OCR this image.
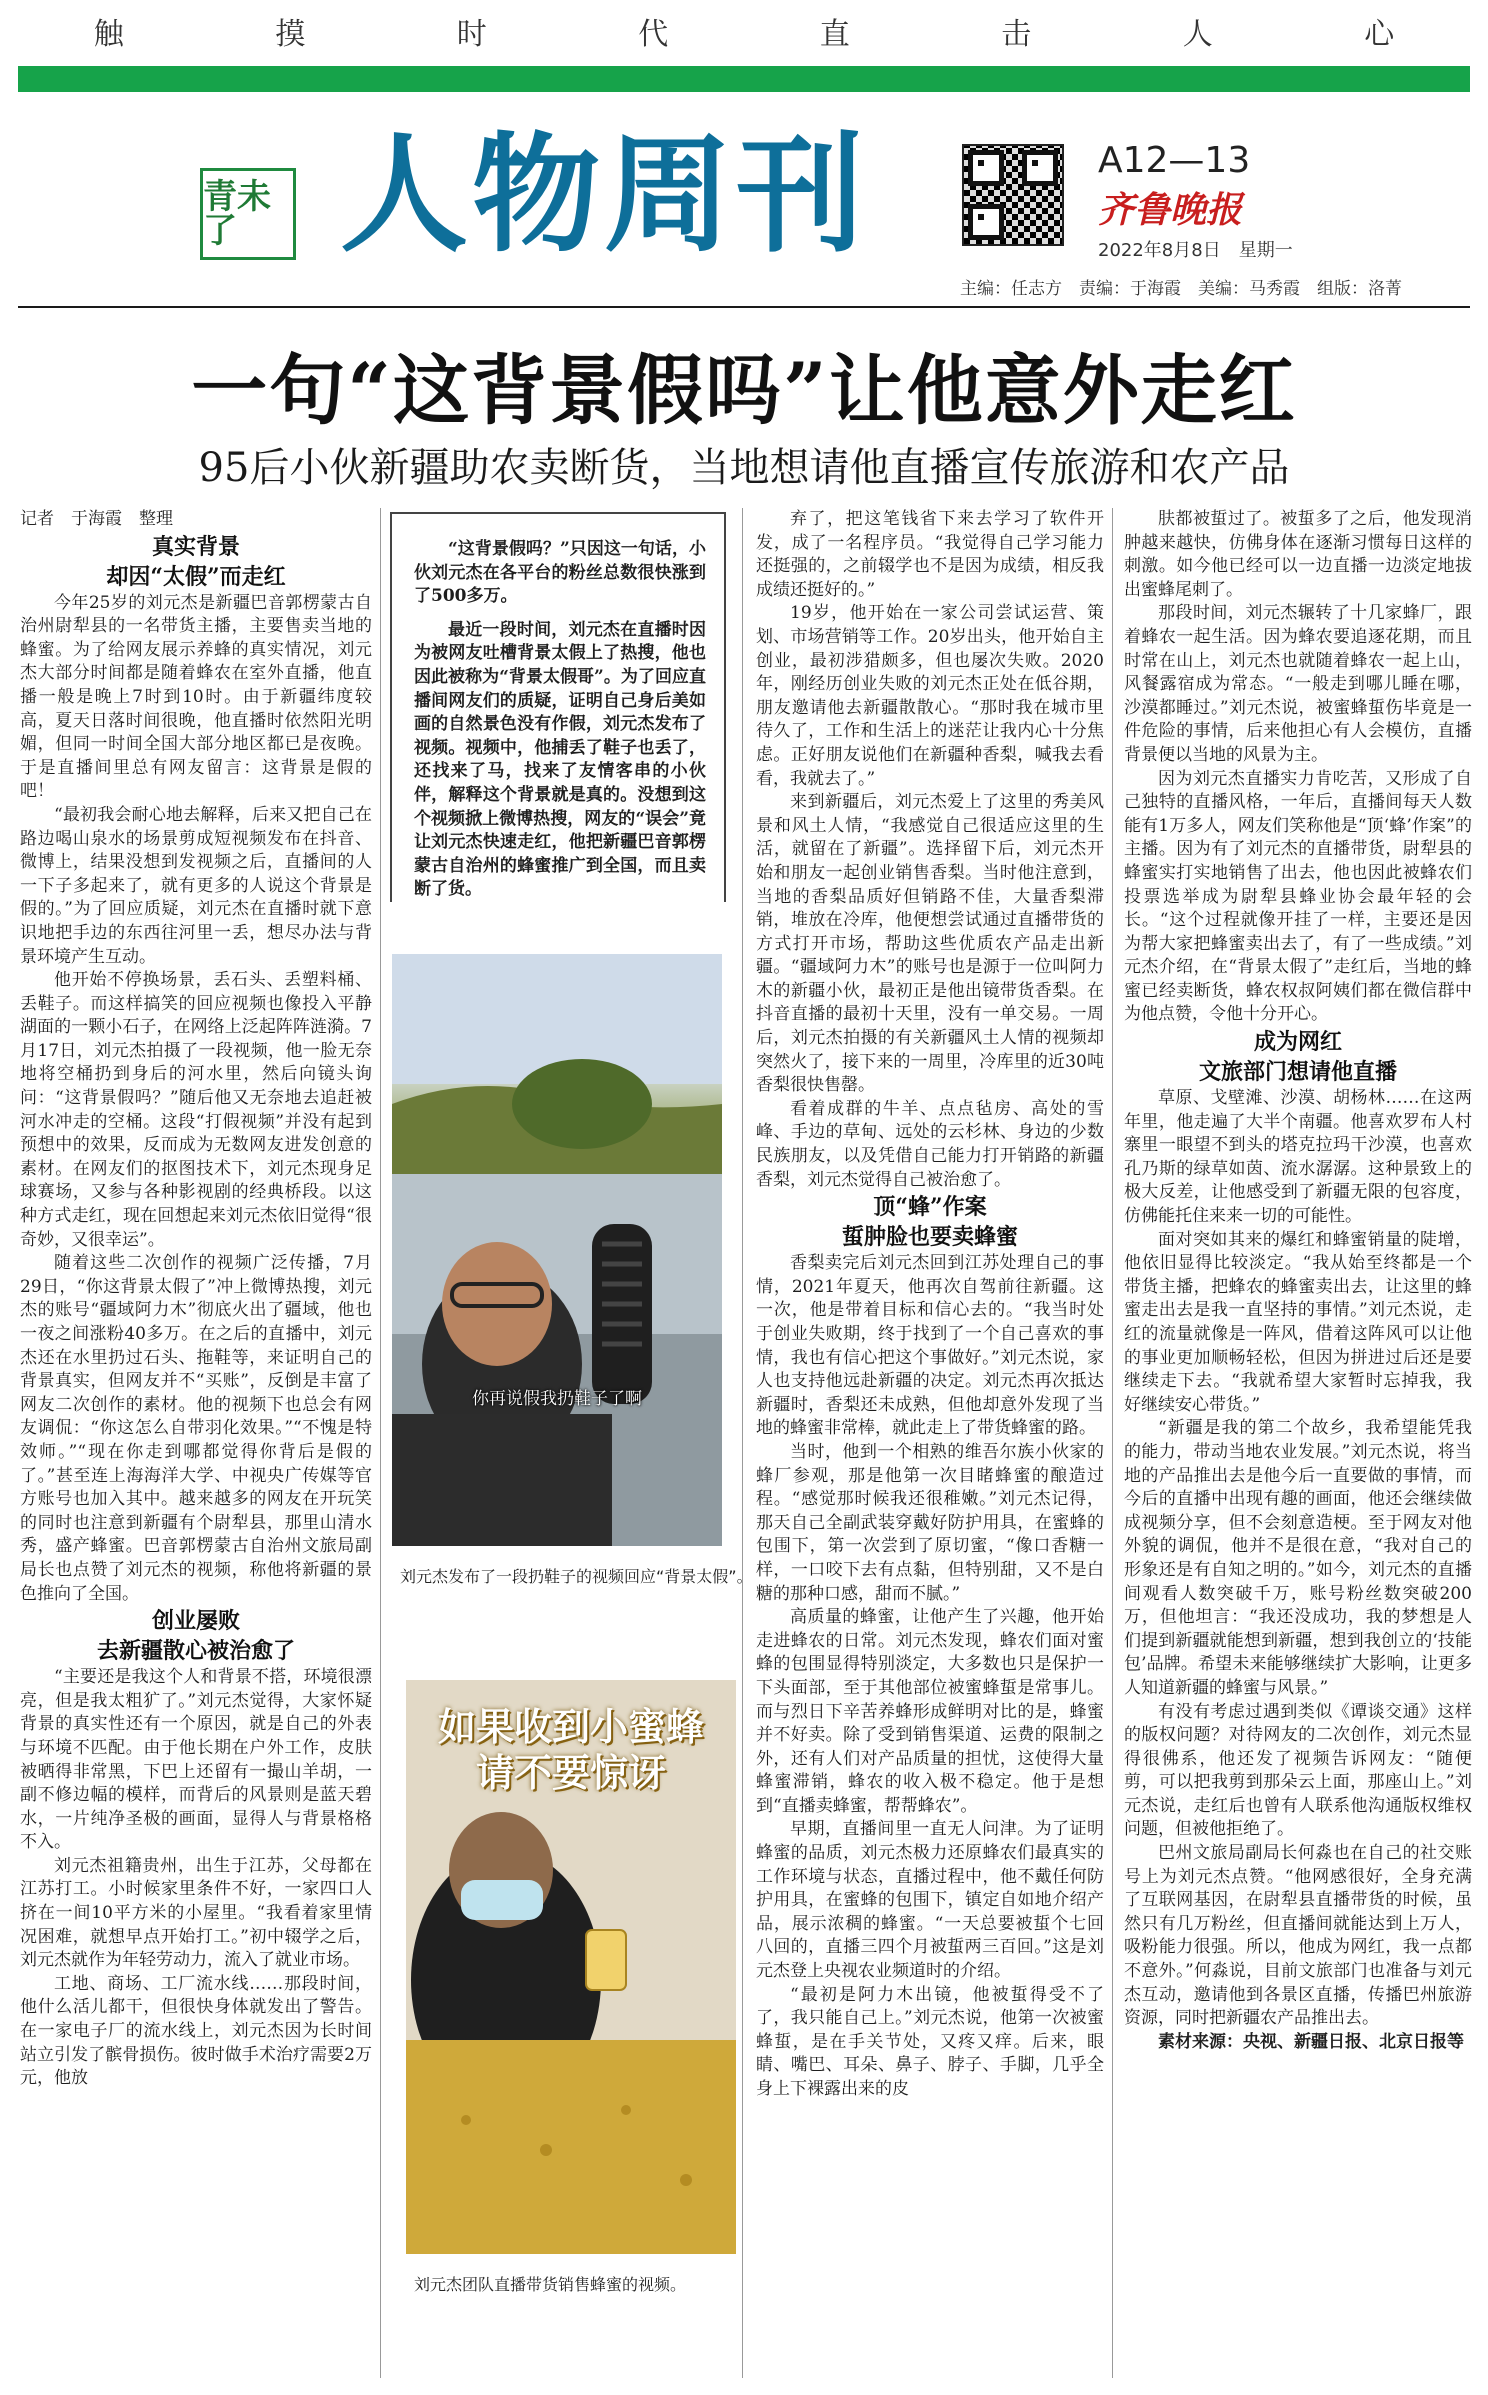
触	摸	时	代	直	击	人	心
青未了 人物周刊	A12—13
齐鲁晚报
2022年8月8日　星期一
主编：任志方　责编：于海霞　美编：马秀霞　组版：洛菁
一句“这背景假吗”让他意外走红
95后小伙新疆助农卖断货，当地想请他直播宣传旅游和农产品

记者　于海霞　整理

真实背景
却因“太假”而走红

今年25岁的刘元杰是新疆巴音郭楞蒙古自治州尉犁县的一名带货主播，主要售卖当地的蜂蜜。为了给网友展示养蜂的真实情况，刘元杰大部分时间都是随着蜂农在室外直播，他直播一般是晚上7时到10时。由于新疆纬度较高，夏天日落时间很晚，他直播时依然阳光明媚，但同一时间全国大部分地区都已是夜晚。于是直播间里总有网友留言：这背景是假的吧！

“最初我会耐心地去解释，后来又把自己在路边喝山泉水的场景剪成短视频发布在抖音、微博上，结果没想到发视频之后，直播间的人一下子多起来了，就有更多的人说这个背景是假的。”为了回应质疑，刘元杰在直播时就下意识地把手边的东西往河里一丢，想尽办法与背景环境产生互动。

他开始不停换场景，丢石头、丢塑料桶、丢鞋子。而这样搞笑的回应视频也像投入平静湖面的一颗小石子，在网络上泛起阵阵涟漪。7月17日，刘元杰拍摄了一段视频，他一脸无奈地将空桶扔到身后的河水里，然后向镜头询问：“这背景假吗？”随后他又无奈地去追赶被河水冲走的空桶。这段“打假视频”并没有起到预想中的效果，反而成为无数网友进发创意的素材。在网友们的抠图技术下，刘元杰现身足球赛场，又参与各种影视剧的经典桥段。以这种方式走红，现在回想起来刘元杰依旧觉得“很奇妙，又很幸运”。

随着这些二次创作的视频广泛传播，7月29日，“你这背景太假了”冲上微博热搜，刘元杰的账号“疆域阿力木”彻底火出了疆域，他也一夜之间涨粉40多万。在之后的直播中，刘元杰还在水里扔过石头、拖鞋等，来证明自己的背景真实，但网友并不“买账”，反倒是丰富了网友二次创作的素材。他的视频下也总会有网友调侃：“你这怎么自带羽化效果。”“不愧是特效师。”“现在你走到哪都觉得你背后是假的了。”甚至连上海海洋大学、中视央广传媒等官方账号也加入其中。越来越多的网友在开玩笑的同时也注意到新疆有个尉犁县，那里山清水秀，盛产蜂蜜。巴音郭楞蒙古自治州文旅局副局长也点赞了刘元杰的视频，称他将新疆的景色推向了全国。

创业屡败
去新疆散心被治愈了

“主要还是我这个人和背景不搭，环境很漂亮，但是我太粗犷了。”刘元杰觉得，大家怀疑背景的真实性还有一个原因，就是自己的外表与环境不匹配。由于他长期在户外工作，皮肤被晒得非常黑，下巴上还留有一撮山羊胡，一副不修边幅的模样，而背后的风景则是蓝天碧水，一片纯净圣极的画面，显得人与背景格格不入。

刘元杰祖籍贵州，出生于江苏，父母都在江苏打工。小时候家里条件不好，一家四口人挤在一间10平方米的小屋里。“我看着家里情况困难，就想早点开始打工。”初中辍学之后，刘元杰就作为年轻劳动力，流入了就业市场。

工地、商场、工厂流水线……那段时间，他什么活儿都干，但很快身体就发出了警告。在一家电子厂的流水线上，刘元杰因为长时间站立引发了髌骨损伤。彼时做手术治疗需要2万元，他放

“这背景假吗？”只因这一句话，小伙刘元杰在各平台的粉丝总数很快涨到了500多万。

最近一段时间，刘元杰在直播时因为被网友吐槽背景太假上了热搜，他也因此被称为“背景太假哥”。为了回应直播间网友们的质疑，证明自己身后美如画的自然景色没有作假，刘元杰发布了视频。视频中，他捕丢了鞋子也丢了，还找来了马，找来了友情客串的小伙伴，解释这个背景就是真的。没想到这个视频掀上微博热搜，网友的“误会”竟让刘元杰快速走红，他把新疆巴音郭楞蒙古自治州的蜂蜜推广到全国，而且卖断了货。

你再说假我扔鞋子了啊
刘元杰发布了一段扔鞋子的视频回应“背景太假”。
如果收到小蜜蜂
请不要惊讶
刘元杰团队直播带货销售蜂蜜的视频。

弃了，把这笔钱省下来去学习了软件开发，成了一名程序员。“我觉得自己学习能力还挺强的，之前辍学也不是因为成绩，相反我成绩还挺好的。”

19岁，他开始在一家公司尝试运营、策划、市场营销等工作。20岁出头，他开始自主创业，最初涉猎颇多，但也屡次失败。2020年，刚经历创业失败的刘元杰正处在低谷期，朋友邀请他去新疆散散心。“那时我在城市里待久了，工作和生活上的迷茫让我内心十分焦虑。正好朋友说他们在新疆种香梨，喊我去看看，我就去了。”

来到新疆后，刘元杰爱上了这里的秀美风景和风土人情，“我感觉自己很适应这里的生活，就留在了新疆”。选择留下后，刘元杰开始和朋友一起创业销售香梨。当时他注意到，当地的香梨品质好但销路不佳，大量香梨滞销，堆放在冷库，他便想尝试通过直播带货的方式打开市场，帮助这些优质农产品走出新疆。“疆域阿力木”的账号也是源于一位叫阿力木的新疆小伙，最初正是他出镜带货香梨。在抖音直播的最初十天里，没有一单交易。一周后，刘元杰拍摄的有关新疆风土人情的视频却突然火了，接下来的一周里，冷库里的近30吨香梨很快售罄。

看着成群的牛羊、点点毡房、高处的雪峰、手边的草甸、远处的云杉林、身边的少数民族朋友，以及凭借自己能力打开销路的新疆香梨，刘元杰觉得自己被治愈了。

顶“蜂”作案
蜇肿脸也要卖蜂蜜

香梨卖完后刘元杰回到江苏处理自己的事情，2021年夏天，他再次自驾前往新疆。这一次，他是带着目标和信心去的。“我当时处于创业失败期，终于找到了一个自己喜欢的事情，我也有信心把这个事做好。”刘元杰说，家人也支持他远赴新疆的决定。刘元杰再次抵达新疆时，香梨还未成熟，但他却意外发现了当地的蜂蜜非常棒，就此走上了带货蜂蜜的路。

当时，他到一个相熟的维吾尔族小伙家的蜂厂参观，那是他第一次目睹蜂蜜的酿造过程。“感觉那时候我还很稚嫩。”刘元杰记得，那天自己全副武装穿戴好防护用具，在蜜蜂的包围下，第一次尝到了原切蜜，“像口香糖一样，一口咬下去有点黏，但特别甜，又不是白糖的那种口感，甜而不腻。”

高质量的蜂蜜，让他产生了兴趣，他开始走进蜂农的日常。刘元杰发现，蜂农们面对蜜蜂的包围显得特别淡定，大多数也只是保护一下头面部，至于其他部位被蜜蜂蜇是常事儿。而与烈日下辛苦养蜂形成鲜明对比的是，蜂蜜并不好卖。除了受到销售渠道、运费的限制之外，还有人们对产品质量的担忧，这使得大量蜂蜜滞销，蜂农的收入极不稳定。他于是想到“直播卖蜂蜜，帮帮蜂农”。

早期，直播间里一直无人问津。为了证明蜂蜜的品质，刘元杰极力还原蜂农们最真实的工作环境与状态，直播过程中，他不戴任何防护用具，在蜜蜂的包围下，镇定自如地介绍产品，展示浓稠的蜂蜜。“一天总要被蜇个七回八回的，直播三四个月被蜇两三百回。”这是刘元杰登上央视农业频道时的介绍。

“最初是阿力木出镜，他被蜇得受不了了，我只能自己上。”刘元杰说，他第一次被蜜蜂蜇，是在手关节处，又疼又痒。后来，眼睛、嘴巴、耳朵、鼻子、脖子、手脚，几乎全身上下裸露出来的皮

肤都被蜇过了。被蜇多了之后，他发现消肿越来越快，仿佛身体在逐渐习惯每日这样的刺激。如今他已经可以一边直播一边淡定地拔出蜜蜂尾刺了。

那段时间，刘元杰辗转了十几家蜂厂，跟着蜂农一起生活。因为蜂农要追逐花期，而且时常在山上，刘元杰也就随着蜂农一起上山，风餐露宿成为常态。“一般走到哪儿睡在哪，沙漠都睡过。”刘元杰说，被蜜蜂蜇伤毕竟是一件危险的事情，后来他担心有人会模仿，直播背景便以当地的风景为主。

因为刘元杰直播实力肯吃苦，又形成了自己独特的直播风格，一年后，直播间每天人数能有1万多人，网友们笑称他是“顶‘蜂’作案”的主播。因为有了刘元杰的直播带货，尉犁县的蜂蜜实打实地销售了出去，他也因此被蜂农们投票选举成为尉犁县蜂业协会最年轻的会长。“这个过程就像开挂了一样，主要还是因为帮大家把蜂蜜卖出去了，有了一些成绩。”刘元杰介绍，在“背景太假了”走红后，当地的蜂蜜已经卖断货，蜂农权叔阿姨们都在微信群中为他点赞，令他十分开心。

成为网红
文旅部门想请他直播

草原、戈壁滩、沙漠、胡杨林……在这两年里，他走遍了大半个南疆。他喜欢罗布人村寨里一眼望不到头的塔克拉玛干沙漠，也喜欢孔乃斯的绿草如茵、流水潺潺。这种景致上的极大反差，让他感受到了新疆无限的包容度，仿佛能托住来来一切的可能性。

面对突如其来的爆红和蜂蜜销量的陡增，他依旧显得比较淡定。“我从始至终都是一个带货主播，把蜂农的蜂蜜卖出去，让这里的蜂蜜走出去是我一直坚持的事情。”刘元杰说，走红的流量就像是一阵风，借着这阵风可以让他的事业更加顺畅轻松，但因为拼进过后还是要继续走下去。“我就希望大家暂时忘掉我，我好继续安心带货。”

“新疆是我的第二个故乡，我希望能凭我的能力，带动当地农业发展。”刘元杰说，将当地的产品推出去是他今后一直要做的事情，而今后的直播中出现有趣的画面，他还会继续做成视频分享，但不会刻意造梗。至于网友对他外貌的调侃，他并不是很在意，“我对自己的形象还是有自知之明的。”如今，刘元杰的直播间观看人数突破千万，账号粉丝数突破200万，但他坦言：“我还没成功，我的梦想是人们提到新疆就能想到新疆，想到我创立的‘技能包’品牌。希望未来能够继续扩大影响，让更多人知道新疆的蜂蜜与风景。”

有没有考虑过遇到类似《谭谈交通》这样的版权问题？对待网友的二次创作，刘元杰显得很佛系，他还发了视频告诉网友：“随便剪，可以把我剪到那朵云上面，那座山上。”刘元杰说，走红后也曾有人联系他沟通版权维权问题，但被他拒绝了。

巴州文旅局副局长何淼也在自己的社交账号上为刘元杰点赞。“他网感很好，全身充满了互联网基因，在尉犁县直播带货的时候，虽然只有几万粉丝，但直播间就能达到上万人，吸粉能力很强。所以，他成为网红，我一点都不意外。”何淼说，目前文旅部门也准备与刘元杰互动，邀请他到各景区直播，传播巴州旅游资源，同时把新疆农产品推出去。

素材来源：央视、新疆日报、北京日报等
